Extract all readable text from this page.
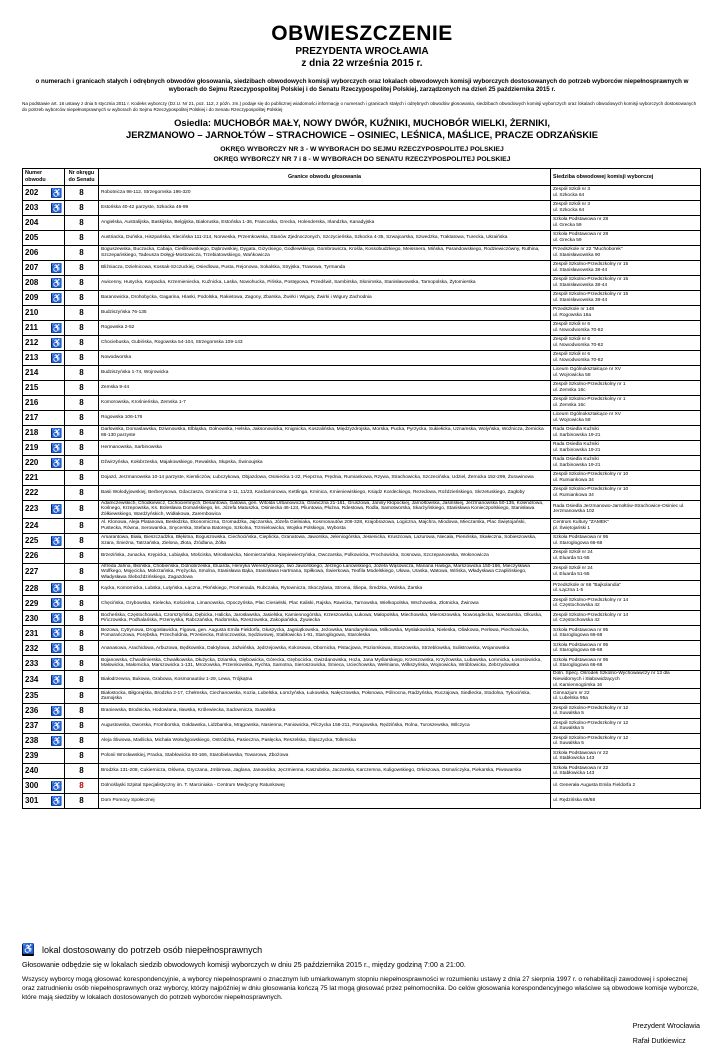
OBWIESZCZENIE
PREZYDENTA WROCŁAWIA
z dnia 22 września 2015 r.
o numerach i granicach stałych i odrębnych obwodów głosowania, siedzibach obwodowych komisji wyborczych oraz lokalach obwodowych komisji wyborczych dostosowanych do potrzeb wyborców niepełnosprawnych w wyborach do Sejmu Rzeczypospolitej Polskiej i do Senatu Rzeczypospolitej Polskiej, zarządzonych na dzień 25 października 2015 r.
Na podstawie art. 16 ustawy z dnia 5 stycznia 2011 r. Kodeks wyborczy (Dz.U. Nr 21, poz. 112, z późn. zm.) podaje się do publicznej wiadomości informację o numerach i granicach stałych i odrębnych obwodów głosowania, siedzibach obwodowych komisji wyborczych oraz lokalach obwodowych komisji wyborczych dostosowanych do potrzeb wyborców niepełnosprawnych w wyborach do Sejmu Rzeczypospolitej Polskiej i do Senatu Rzeczypospolitej Polskiej
Osiedla: MUCHOBÓR MAŁY, NOWY DWÓR, KUŹNIKI, MUCHOBÓR WIELKI, ŻERNIKI,
JERZMANOWO – JARNOŁTÓW – STRACHOWICE – OSINIEC, LEŚNICA, MAŚLICE, PRACZE ODRZAŃSKIE
OKRĘG WYBORCZY NR 3 - W WYBORACH DO SEJMU RZECZYPOSPOLITEJ POLSKIEJ
OKRĘG WYBORCZY NR 7 i 8 - W WYBORACH DO SENATU RZECZYPOSPOLITEJ POLSKIEJ
Numer obwodu	Nr okręgu do Senatu	Granice obwodu głosowania	Siedziba obwodowej komisji wyborczej

202 ♿	8	Robotnicza 98-112, Strzegomska 196-320	Zespół Szkół nr 3
ul. Szkocka 64

203 ♿	8	Estońska 40-42 parzyste, Szkocka 46-99	Zespół Szkół nr 3
ul. Szkocka 64

204	8	Angielska, Australijska, Baskijska, Belgijska, Białoruska, Estońska 1-36, Francuska, Grecka, Holenderska, Irlandzka, Kanadyjska	Szkoła Podstawowa nr 28
ul. Grecka 59

205	8	Austriacka, Duńska, Hiszpańska, Klecińska 111-214, Norweska, Przemkowska, Stanów Zjednoczonych, Szczycieńska, Szkocka 4-35, Szwajcarska, Szwedzka, Traktatowa, Turecka, Ukraińska	Szkoła Podstawowa nr 28
ul. Grecka 59

206	8	Boguszewska, Buczacka, Cabaja, Cieślikowskiego, Dąbrowskiej, Dygata, Gizyckiego, Godlewskiego, Gombrowicza, Krośla, Kossobudzkiego, Meissnera, Mińska, Parandowskiego, Rodziewiczówny, Ruthina, Szczepańskiego, Tadeusza Dołęgi-Mostowicza, Trzebiatowskiego, Wańkowicza	Przedszkole nr 22 "Muchoborek"
ul. Stanisławowska 90

207 ♿	8	Bliźniacza, Dzielnicowa, Kossak-Szczuckiej, Osiedlowa, Pusta, Rejonowa, Sokalska, Stryjska, Trawowa, Tyrmanda	Zespół Szkolno-Przedszkolny nr 15
ul. Stanisławowska 38-44

208 ♿	8	Awicenny, Husycka, Karpacka, Krzemieniecka, Kuźnicka, Laska, Nowohucka, Pińska, Postępowa, Przedświt, Sambirska, Słonimska, Stanisławowska, Tarnopolska, Żytomierska	Zespół Szkolno-Przedszkolny nr 15
ul. Stanisławowska 38-44

209 ♿	8	Baranowicka, Drohobycka, Gagarina, Hlaski, Podolska, Rakietowa, Zagony, Zbarska, Żwirki i Wigury, Żwirki i Wigury Zachodnia	Zespół Szkolno-Przedszkolny nr 15
ul. Stanisławowska 38-44

210	8	Budziszyńska 76-135	Przedszkole nr 148
ul. Rogowska 18a

211 ♿	8	Rogowska 2-52	Zespół Szkół nr 6
ul. Nowodworska 70-82

212 ♿	8	Chociebuska, Gubińska, Rogowska 54-104, Strzegomska 109-143	Zespół Szkół nr 6
ul. Nowodworska 70-82

213 ♿	8	Nowodworska	Zespół Szkół nr 6
ul. Nowodworska 70-82

214	8	Budziszyńska 1-74, Wojrowicka	Liceum Ogólnokształcące nr XV
ul. Wojrowicka 58

215	8	Zemska 9-44	Zespół Szkolno-Przedszkolny nr 1
ul. Zemska 16c

216	8	Komorowska, Krośnieńska, Zemska 1-7	Zespół Szkolno-Przedszkolny nr 1
ul. Zemska 16c

217	8	Rogowska 106-176	Liceum Ogólnokształcące nr XV
ul. Wojrowicka 58

218 ♿	8	Darłowska, Domaslawska, Dziwnowska, Elbląska, Gołnowska, Helska, Jaksonowicka, Knignicka, Koszalińska, Międzyzdrojska, Morska, Pucka, Pyrzycka, Sukiełicka, Uznamska, Wolyńska, Woźnicza, Żernicka 86-130 parzyste	Rada Osiedla Kuźniki
ul. Sarbinowska 19-21

219 ♿	8	Hermanowska, Sarbinowska	Rada Osiedla Kuźniki
ul. Sarbinowska 19-21

220 ♿	8	Dźwirzyńska, Kołobrzeska, Majakowskiego, Rewalska, Słupska, Świnoujska	Rada Osiedla Kuźniki
ul. Sarbinowska 19-21

221	8	Dojazd, Jerzmanowska 10-14 parzyste, Kiemliczów, Lubczykowa, Objazdowa, Osiniecka 1-22, Pieprzna, Prędnia, Rumiankowa, Rzywa, Strachowicka, Szczecińska, Udziel, Żernicka 152-299, Żurawinowa	Zespół Szkolno-Przedszkolny nr 10
ul. Rumiankowa 34

222	8	Basii Wołodyjowskiej, Berberysowa, Gdaczasza, Graniczna 1-11, 11/23, Kardamonowa, Kettlinga, Kminica, Kmieniewiskiego, Ksiądz Kordeckiego, Rezedowa, Roździeńskiego, Skrzetuskiego, Zagłoby	Zespół Szkolno-Przedszkolny nr 10
ul. Rumiankowa 34

223 ♿	8	Adamczewskich, Chodkiewicz, Cichociemnych, Desantowa, Galowa, gen. Witolda Urbanowicza, Graniczna 21-161, Gruszowa, Janiny Kłopockiej, Jarnołtowska, Jaśińskiej, Jerzmanowska 50-135, Kolendrowa, Kośnego, Krzepowska, Ks. Bolesława Domańskiego, ks. Józefa Matuszka, Osiniecka 46-124, Pliuntowa, Płużna, Rdestowa, Rodla, Samotworska, Skarżyńskiego, Stanisława Konieczpolskiego, Stanisława Żółkiewskiego, Wardżyńskich, Widłakowa, Zarembowica	Rada Osiedla Jerzmanowo-Jarnołtów-Strachowice-Osiniec ul. Jerzmanowska 102

224	8	Al. Klonowa, Aleja Platanowa, Beskidzka, Ekonomiczna, Gromadzka, Jajczarska, Józefa Gielniaka, Kosmonautów 206-328, Krajobrazowa, Logiczna, Majchra, Miodowa, Mieczarska, Plac Świętojański, Pustecka, Równa, Serowarska, Snycerska, Stefana Batorego, Szkolna, Trzmielowicka, Wojska Polskiego, Wybosta	Centrum Kultury "ZAMEK"
pl. Świętojański 1

225 ♿	8	Amarantowa, Biała, Bieszczadzka, Błękitna, Boguszowska, Ciechocińska, Cieplicka, Granatowa, Jaworska, Jeleniogórska, Jesienicka, Kruszcowa, Lazurowa, Niecała, Pienińska, Skałeczna, Sobieszowska, Szara, Śnieżna, Tatrzańska, Zielona, Złota, Żródlana, Żółta	Szkoła Podstawowa nr 95
ul. Staroglogowa 66-68

226	8	Brzezińska, Junacka, Krępicka, Lubiąska, Mościska, Mirosławicka, Niemierzańska, Niepiewierzyńska, Owczarska, Polkowicka, Prochowicka, Sosnowa, Szczepanowska, Wołonowicza	Zespół Szkół nr 24
ul. Eluarda 51-55

227	8	Alfreda Jahna, Błońska, Chobieńska, Dolnobrzeska, Eluarda, Henryka Wereszyckiego, Iwo Jaworskiego, Jerzego Łanowskiego, Józefa Wąsowicza, Mariana Haisiga, Marszowicka 150-166, Mieczysława Wolfkego, Mojęcicka, Mokrzańska, Prężycka, Smolna, Stanisława Bąka, Stanisława Hartmana, Spiłkowa, Świerkowa, Teofila Modelskiego, Ułowa, Uraska, Watowa, Wińska, Władysława Czaplińskiego, Władysława Śleboździńskiego, Zagazdowa	Zespół Szkół nr 24
ul. Eluarda 51-55

228 ♿	8	Kącka, Komornicka, Lubska, Lutyńska, Łączna, Płońskiego, Promenada, Rubczaka, Rytownicza, Skoczylasa, Stroma, Śliepa, Średzka, Wolska, Żarska	Przedszkole nr 66 "Bajkolandia"
ul. Łączna 1-5

229 ♿	8	Chęcińska, Grybowska, Kielecka, Kościelna, Limanowska, Opoczyńska, Plac Ciesielski, Plac Kaliski, Rajska, Rawicka, Tarnowska, Wielkopolska, Wschowska, Złotnicka, Żwirowa	Zespół Szkolno-Przedszkolny nr 14
ul. Częstochowska 42

230 ♿	8	Bocheńska, Częstochowska, Czorsztyńska, Dębicka, Halicka, Jarosławska, Jasielska, Kamiennogórska, Krzeszowska, Łukowa, Małopolska, Miechowska, Mieroszowska, Nowosądecka, Nowotarska, Olkuska, Pińczowska, Podhalańska, Przemyska, Rabczańska, Radomska, Rzeszowska, Zakopiańska, Żywiecka	Zespół Szkolno-Przedszkolny nr 14
ul. Częstochowska 42

231 ♿	8	Bezowa, Cytrynowa, Drogosławicka, Figowa, gen. Augusta Emila Fieldorfa, Głuszycka, Jagniątkowska, Jeżowska, Mandarynkowa, Milkowska, Mysłakowicka, Nieleska, Oliwkowa, Perłowa, Piechowicka, Pomarańczowa, Porębska, Przecholdnia, Przesiecka, Rolniczowska, Sędziwowej, Stabłowicka 1-91, Staroglogowa, Staroleska	Szkoła Podstawowa nr 95
ul. Staroglogowa 66-68

232 ♿	8	Ananasowa, Arachidowa, Arbuzowa, Będkowska, Daktylowa, Jaźwińska, Jędrzejowska, Kokosowa, Obornicka, Pistacjowa, Poziomkowa, Stoszowska, Strzeblowska, Sulistrowska, Wojanowska	Szkoła Podstawowa nr 95
ul. Staroglogowa 66-68

233 ♿	8	Bojanowska, Chwalimierska, Chwałkowska, Dłużycka, Dziarska, Głębowicka, Górecka, Grębocicka, Gwizdanowska, Hoża, Jana Myślarskiego, Krzeszowska, Krzyżowska, Lubawska, Łomnicka, Łososiowicka, Małowicka, Małomicka, Marszowicka 1-131, Mrozowska, Przemkowska, Rychta, Samotna, Sieroszowicka, Śmieca, Uciechowska, Wełmiana, Wilkszyńska, Wojnowicka, Wróblowicka, Zebrzydowska	Szkoła Podstawowa nr 95
ul. Staroglogowa 66-68

234 ♿	8	Białodrzewna, Bukowa, Grabowa, Kosmonautów 1-29, Lewa, Trójkątna	Doln. Specj. Ośrodek Szkolno-Wychowawczy nr 13 dla Niewidomych i Słabowidzących
ul. Kamiennogórska 16

235	8	Białostocka, Biłgorajska, Brodzka 2-17, Chełmska, Ciechanowska, Kozia, Lubelska, Łomżyńska, Łukowska, Nałęczowska, Połonowa, Pólnocna, Radzyńska, Ruczajowa, Siedlecka, Stodolna, Tykocińska, Zamojska	Gimnazjum nr 22
ul. Lubelska 95a

236 ♿	8	Braniewska, Brodnicka, Hodowlana, Iławska, Królewiecka, Sadownicza, Suwalska	Zespół Szkolno-Przedszkolny nr 12
ul. Suwalska 5

237 ♿	8	Augustowska, Dworska, Fromborska, Gołdawska, Lidzbarska, Mrągowska, Nasienna, Paniowicka, Pilczycka 156-211, Porajowska, Rędzińska, Rolna, Turoszewska, Wilczyca	Zespół Szkolno-Przedszkolny nr 12
ul. Suwalska 5

238 ♿	8	Aleja Śliwowa, Maślicka, Michała Wołodyjowskiego, Ostródzka, Pasieczna, Pasłęcka, Reszelska, Śląsczycka, Tolkmicka	Zespół Szkolno-Przedszkolny nr 12
ul. Suwalska 5

239	8	Polonii Wrocławskiej, Pracka, Stabłowicka 93-166, Starobielawska, Towarowa, Zbożowa	Szkoła Podstawowa nr 22
ul. Stabłowicka 143

240	8	Brodzka 131-208, Cukiernicza, Główna, Gryczana, Jmbirowa, Jaglana, Janowicka, Jęczmienna, Kaszubska, Jaczarska, Karczemna, Kuligowskiego, Orkiszowa, Osmańczyka, Piekarska, Piwowarska	Szkoła Podstawowa nr 22
ul. Stabłowicka 143

300 ♿	8	Dolnośląski Szpital Specjalistyczny im. T. Marciniaka - Centrum Medycyny Ratunkowej	ul. Generała Augusta Emila Fieldorfa 2

301 ♿	8	Dom Pomocy Społecznej	ul. Rędzińska 66/68
♿ lokal dostosowany do potrzeb osób niepełnosprawnych
Głosowanie odbędzie się w lokalach siedzib obwodowych komisji wyborczych w dniu 25 października 2015 r., między godziną 7:00 a 21:00.
Wszyscy wyborcy mogą głosować korespondencyjnie, a wyborcy niepełnosprawni o znacznym lub umiarkowanym stopniu niepełnosprawności w rozumieniu ustawy z dnia 27 sierpnia 1997 r. o rehabilitacji zawodowej i społecznej oraz zatrudnieniu osób niepełnosprawnych oraz wyborcy, którzy najpóźniej w dniu głosowania kończą 75 lat mogą głosować przez pełnomocnika. Do celów głosowania korespondencyjnego właściwe są obwodowe komisje wyborcze, które mają siedziby w lokalach dostosowanych do potrzeb wyborców niepełnosprawnych.
Prezydent Wrocławia
Rafał Dutkiewicz
